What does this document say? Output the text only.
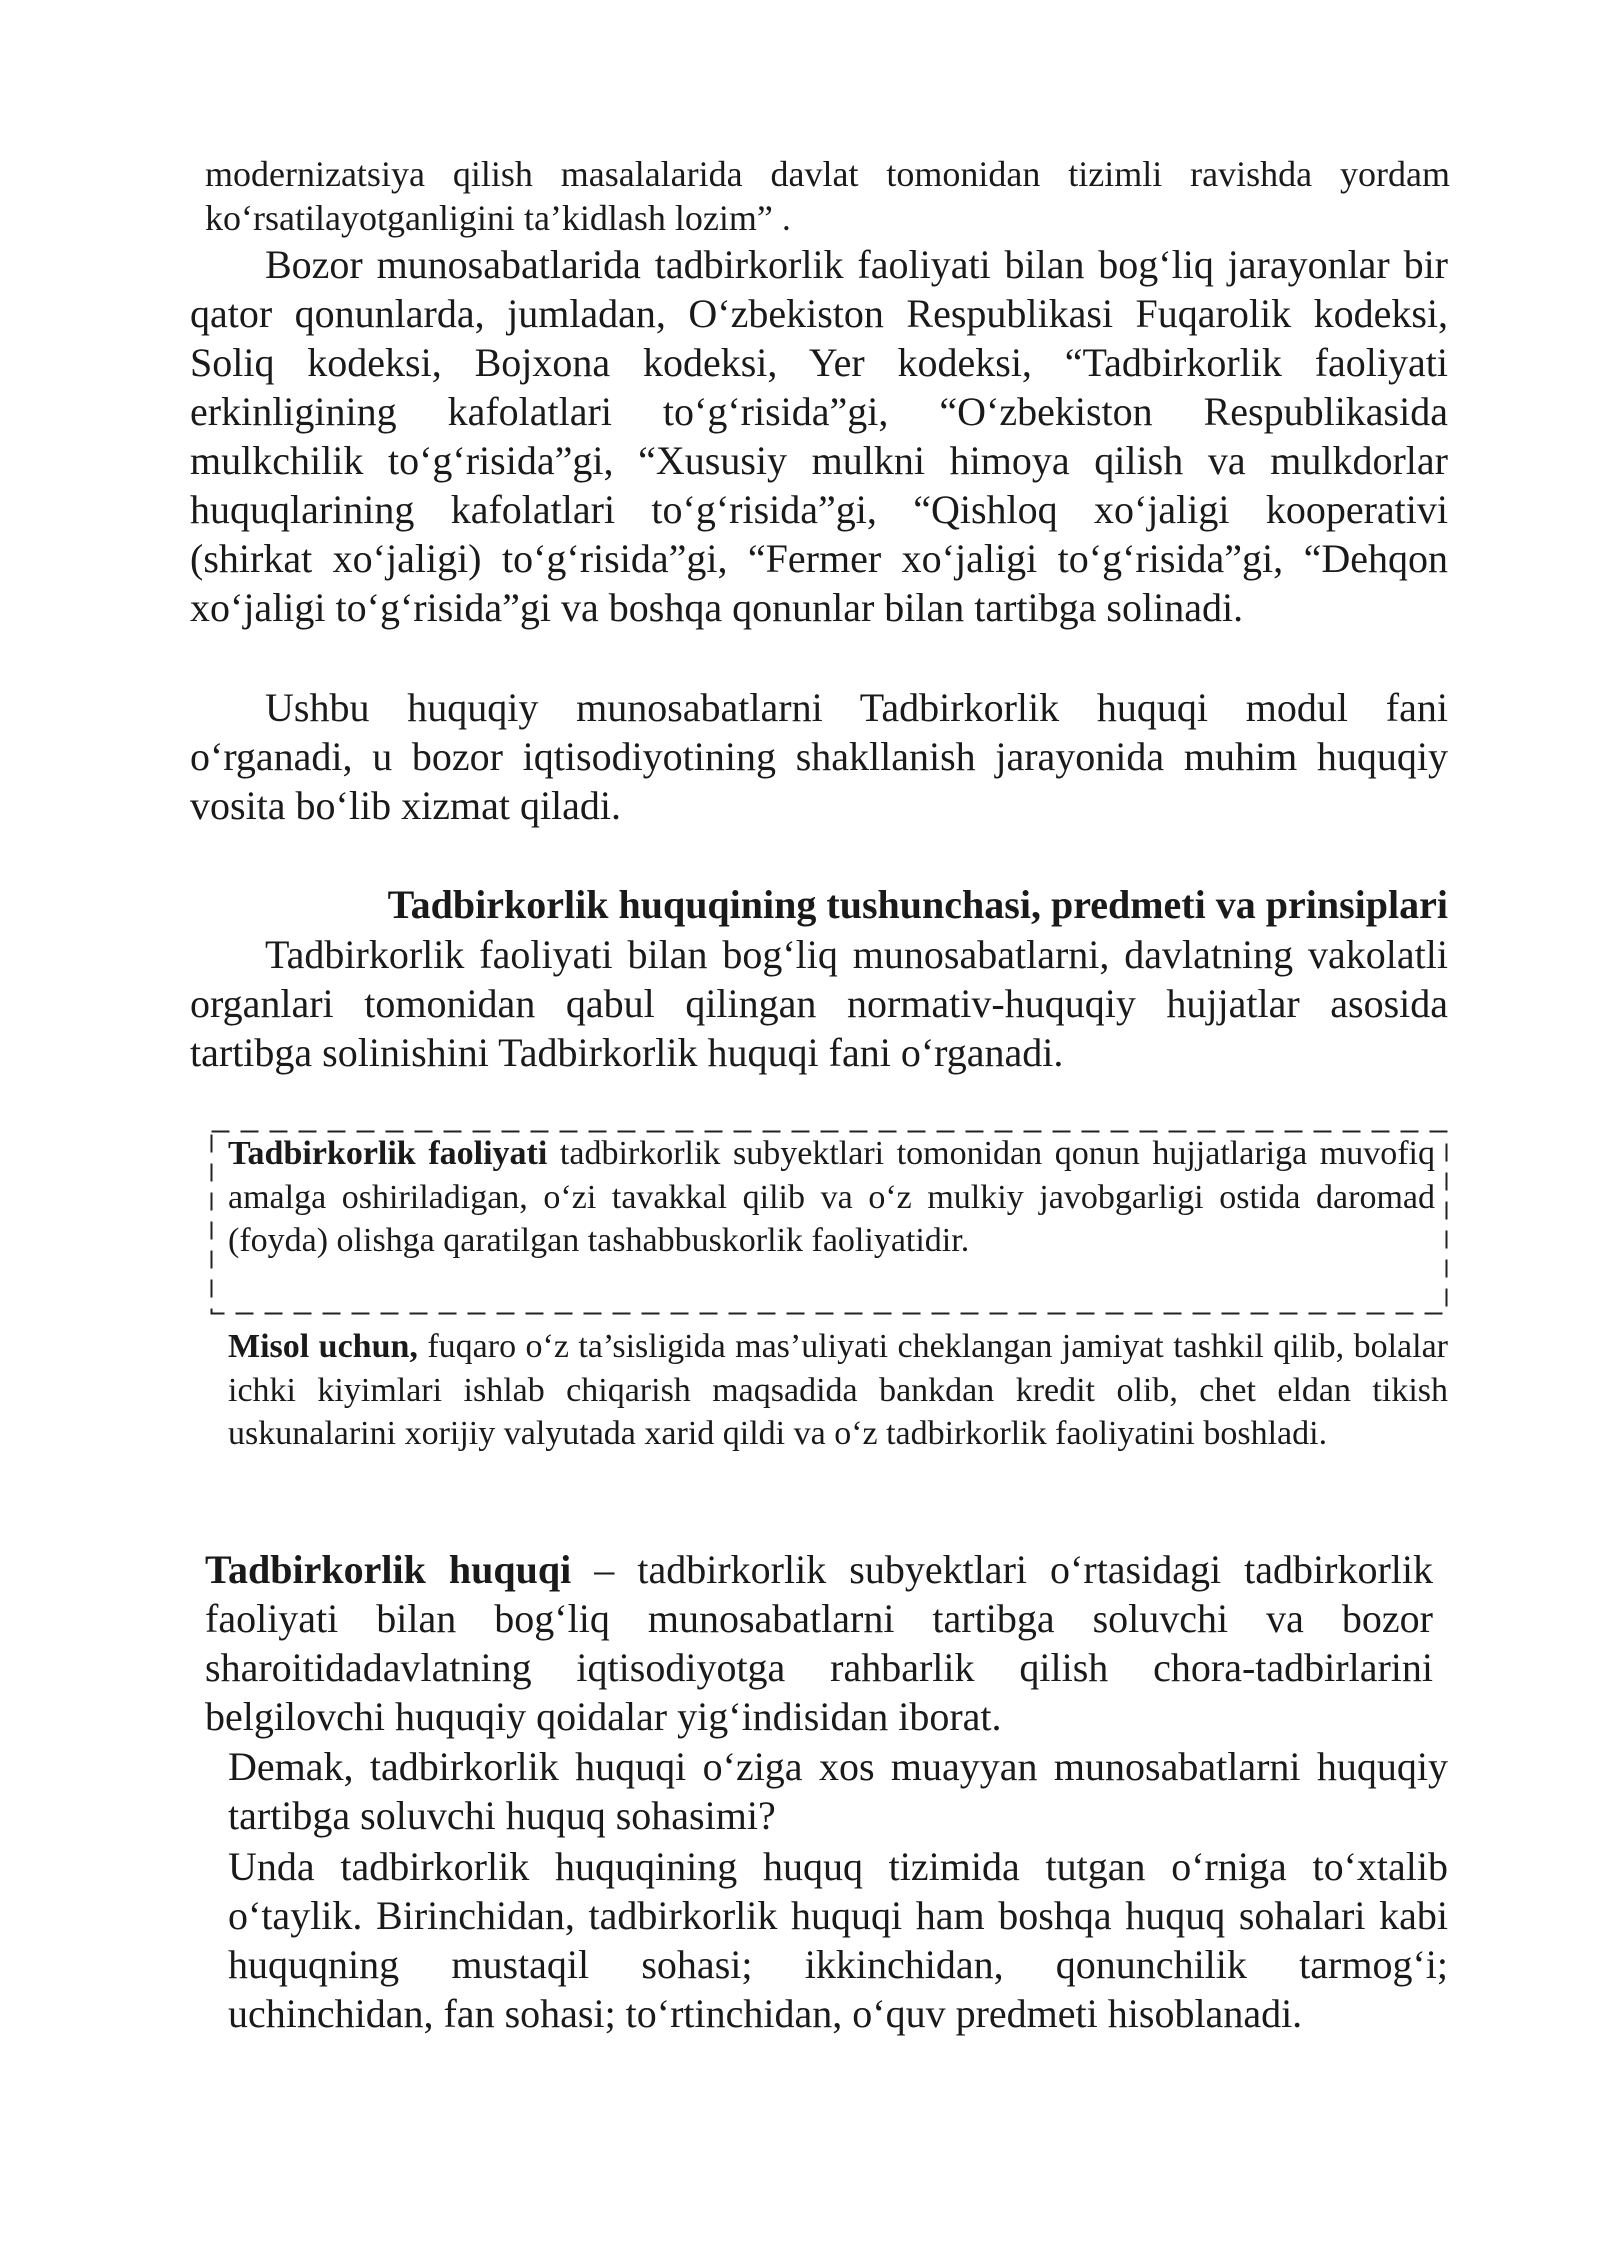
modernizatsiya qilish masalalarida davlat tomonidan tizimli ravishda yordam ko‘rsatilayotganligini ta’kidlash lozim” .

Bozor munosabatlarida tadbirkorlik faoliyati bilan bog‘liq jarayonlar bir qator qonunlarda, jumladan, O‘zbekiston Respublikasi Fuqarolik kodeksi, Soliq kodeksi, Bojxona kodeksi, Yer kodeksi, “Tadbirkorlik faoliyati erkinligining kafolatlari to‘g‘risida”gi, “O‘zbekiston Respublikasida mulkchilik to‘g‘risida”gi, “Xususiy mulkni himoya qilish va mulkdorlar huquqlarining kafolatlari to‘g‘risida”gi, “Qishloq xo‘jaligi kooperativi (shirkat xo‘jaligi) to‘g‘risida”gi, “Fermer xo‘jaligi to‘g‘risida”gi, “Dehqon xo‘jaligi to‘g‘risida”gi va boshqa qonunlar bilan tartibga solinadi.

Ushbu huquqiy munosabatlarni Tadbirkorlik huquqi modul fani o‘rganadi, u bozor iqtisodiyotining shakllanish jarayonida muhim huquqiy vosita bo‘lib xizmat qiladi.

Tadbirkorlik huquqining tushunchasi, predmeti va prinsiplari

Tadbirkorlik faoliyati bilan bog‘liq munosabatlarni, davlatning vakolatli organlari tomonidan qabul qilingan normativ-huquqiy hujjatlar asosida tartibga solinishini Tadbirkorlik huquqi fani o‘rganadi.

Tadbirkorlik faoliyati tadbirkorlik subyektlari tomonidan qonun hujjatlariga muvofiq amalga oshiriladigan, o‘zi tavakkal qilib va o‘z mulkiy javobgarligi ostida daromad (foyda) olishga qaratilgan tashabbuskorlik faoliyatidir.

Misol uchun, fuqaro o‘z ta’sisligida mas’uliyati cheklangan jamiyat tashkil qilib, bolalar ichki kiyimlari ishlab chiqarish maqsadida bankdan kredit olib, chet eldan tikish uskunalarini xorijiy valyutada xarid qildi va o‘z tadbirkorlik faoliyatini boshladi.

Tadbirkorlik huquqi – tadbirkorlik subyektlari o‘rtasidagi tadbirkorlik faoliyati bilan bog‘liq munosabatlarni tartibga soluvchi va bozor sharoitidadavlatning iqtisodiyotga rahbarlik qilish chora-tadbirlarini belgilovchi huquqiy qoidalar yig‘indisidan iborat.

Demak, tadbirkorlik huquqi o‘ziga xos muayyan munosabatlarni huquqiy tartibga soluvchi huquq sohasimi?

Unda tadbirkorlik huquqining huquq tizimida tutgan o‘rniga to‘xtalib o‘taylik. Birinchidan, tadbirkorlik huquqi ham boshqa huquq sohalari kabi huquqning mustaqil sohasi; ikkinchidan, qonunchilik tarmog‘i; uchinchidan, fan sohasi; to‘rtinchidan, o‘quv predmeti hisoblanadi.
